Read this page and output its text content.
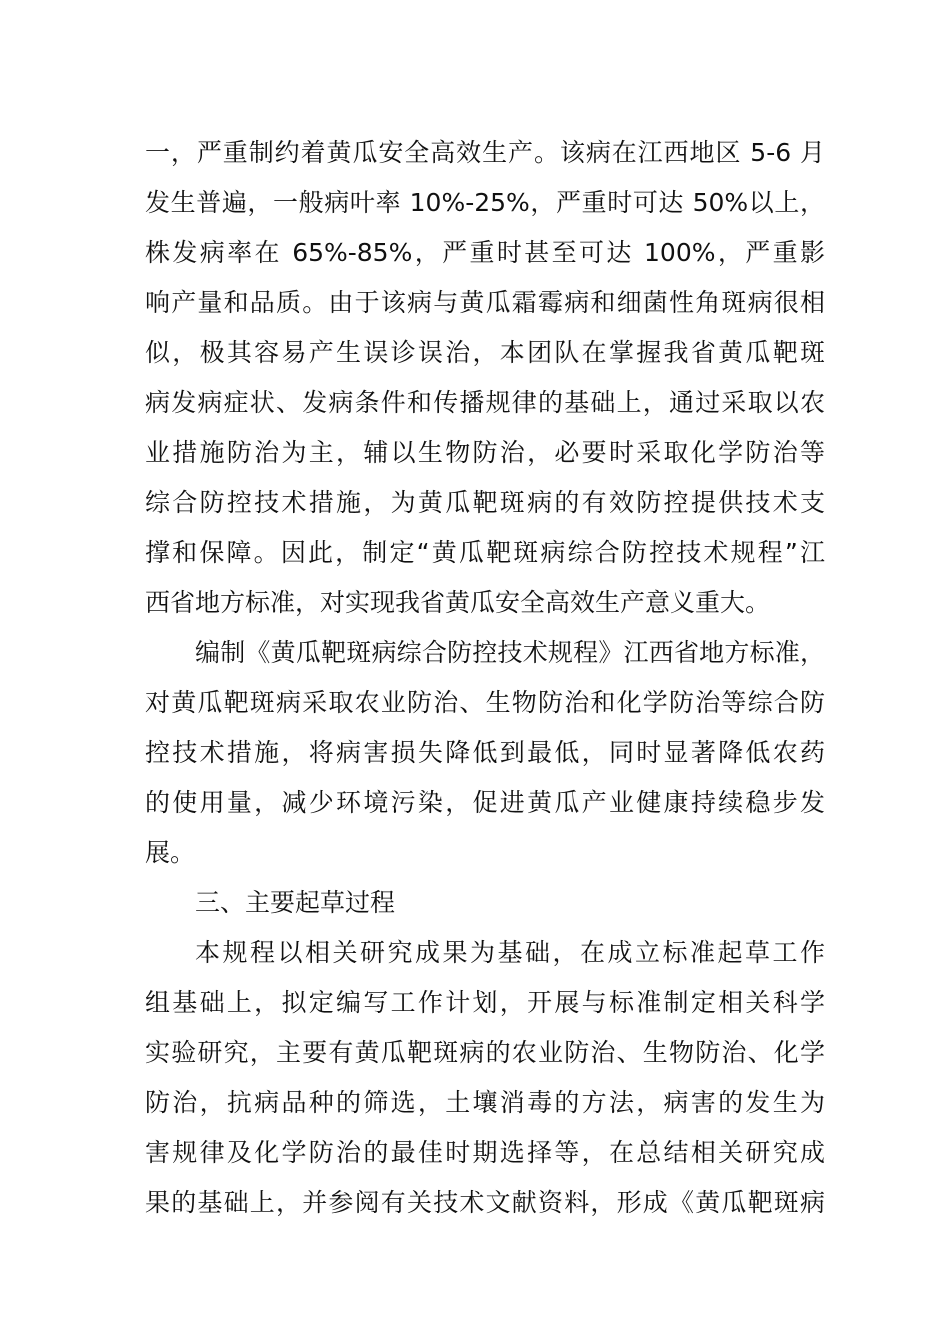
一，严重制约着黄瓜安全高效生产。该病在江西地区 5-6 月
发生普遍，一般病叶率 10%-25%，严重时可达 50%以上，
株发病率在 65%-85%，严重时甚至可达 100%，严重影
响产量和品质。由于该病与黄瓜霜霉病和细菌性角斑病很相
似，极其容易产生误诊误治，本团队在掌握我省黄瓜靶斑
病发病症状、发病条件和传播规律的基础上，通过采取以农
业措施防治为主，辅以生物防治，必要时采取化学防治等
综合防控技术措施，为黄瓜靶斑病的有效防控提供技术支
撑和保障。因此，制定“黄瓜靶斑病综合防控技术规程”江
西省地方标准，对实现我省黄瓜安全高效生产意义重大。
编制《黄瓜靶斑病综合防控技术规程》江西省地方标准，
对黄瓜靶斑病采取农业防治、生物防治和化学防治等综合防
控技术措施，将病害损失降低到最低，同时显著降低农药
的使用量，减少环境污染，促进黄瓜产业健康持续稳步发
展。
三、主要起草过程
本规程以相关研究成果为基础，在成立标准起草工作
组基础上，拟定编写工作计划，开展与标准制定相关科学
实验研究，主要有黄瓜靶斑病的农业防治、生物防治、化学
防治，抗病品种的筛选，土壤消毒的方法，病害的发生为
害规律及化学防治的最佳时期选择等，在总结相关研究成
果的基础上，并参阅有关技术文献资料，形成《黄瓜靶斑病
